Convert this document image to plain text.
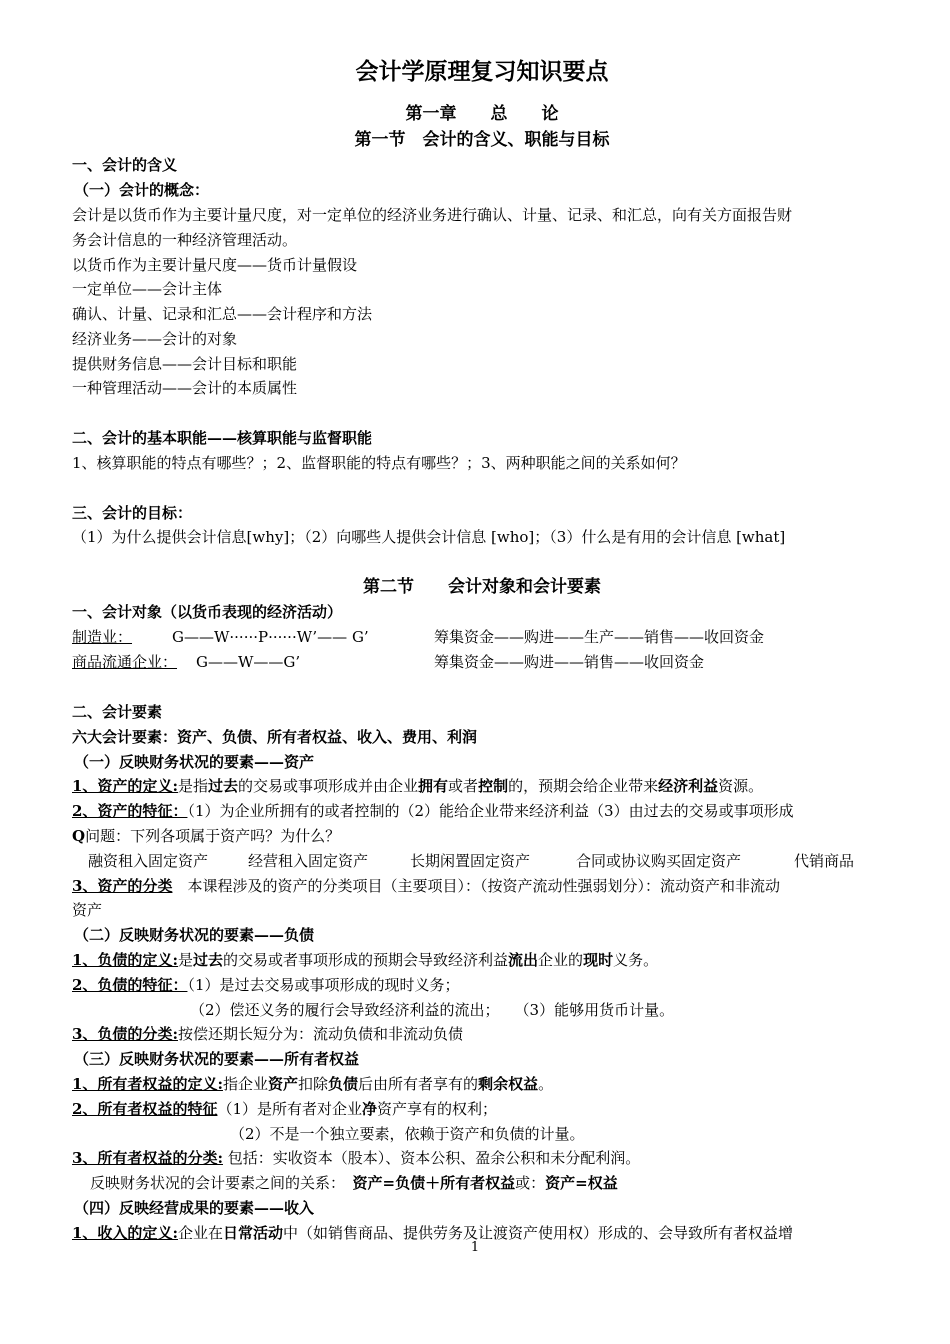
会计学原理复习知识要点
第一章　　总　　论
第一节　会计的含义、职能与目标
一、会计的含义
（一）会计的概念：
会计是以货币作为主要计量尺度，对一定单位的经济业务进行确认、计量、记录、和汇总，向有关方面报告财
务会计信息的一种经济管理活动。
以货币作为主要计量尺度——货币计量假设
一定单位——会计主体
确认、计量、记录和汇总——会计程序和方法
经济业务——会计的对象
提供财务信息——会计目标和职能
一种管理活动——会计的本质属性
二、会计的基本职能——核算职能与监督职能
1、核算职能的特点有哪些？；2、监督职能的特点有哪些？；3、两种职能之间的关系如何？
三、会计的目标：
（1）为什么提供会计信息[why]；（2）向哪些人提供会计信息 [who]；（3）什么是有用的会计信息 [what]
第二节　　会计对象和会计要素
一、会计对象（以货币表现的经济活动）
制造业：	G——W······P······W’—— G’	筹集资金——购进——生产——销售——收回资金
商品流通企业： G——W——G’	筹集资金——购进——销售——收回资金
二、会计要素
六大会计要素：资产、负债、所有者权益、收入、费用、利润
（一）反映财务状况的要素——资产
1、资产的定义:是指过去的交易或事项形成并由企业拥有或者控制的，预期会给企业带来经济利益资源。
2、资产的特征：（1）为企业所拥有的或者控制的（2）能给企业带来经济利益（3）由过去的交易或事项形成
Q问题：下列各项属于资产吗？为什么？
融资租入固定资产	经营租入固定资产	长期闲置固定资产	合同或协议购买固定资产	代销商品
3、资产的分类　本课程涉及的资产的分类项目（主要项目）：（按资产流动性强弱划分）：流动资产和非流动
资产
（二）反映财务状况的要素——负债
1、负债的定义:是过去的交易或者事项形成的预期会导致经济利益流出企业的现时义务。
2、负债的特征：（1）是过去交易或事项形成的现时义务；
（2）偿还义务的履行会导致经济利益的流出；　　（3）能够用货币计量。
3、负债的分类:按偿还期长短分为：流动负债和非流动负债
（三）反映财务状况的要素——所有者权益
1、所有者权益的定义:指企业资产扣除负债后由所有者享有的剩余权益。
2、所有者权益的特征（1）是所有者对企业净资产享有的权利；
（2）不是一个独立要素，依赖于资产和负债的计量。
3、所有者权益的分类: 包括：实收资本（股本）、资本公积、盈余公积和未分配利润。
反映财务状况的会计要素之间的关系：　 资产=负债＋所有者权益或：资产=权益
（四）反映经营成果的要素——收入
1、收入的定义:企业在日常活动中（如销售商品、提供劳务及让渡资产使用权）形成的、会导致所有者权益增
1
